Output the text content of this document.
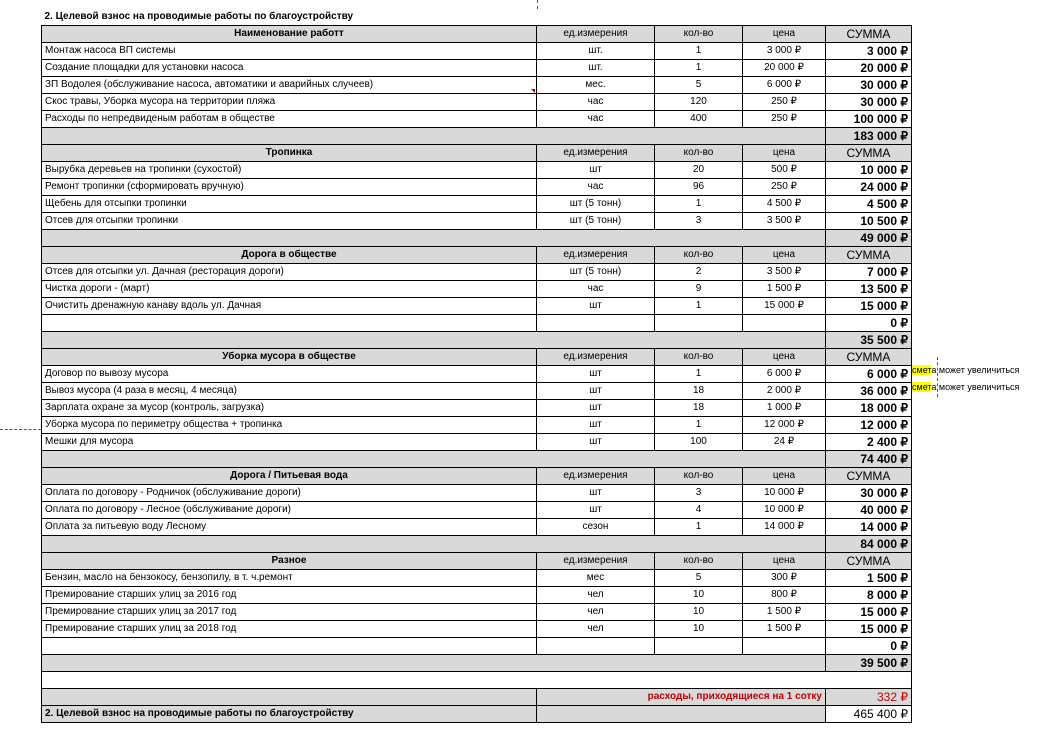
2. Целевой взнос на проводимые работы по благоустройству				
Наименование работт	ед.измерения	кол-во	цена	СУММА
Монтаж насоса ВП системы	шт.	1	3 000 ₽	3 000 ₽
Создание площадки для установки насоса	шт.	1	20 000 ₽	20 000 ₽
ЗП Водолея (обслуживание насоса, автоматики и аварийных случеев)	мес.	5	6 000 ₽	30 000 ₽
Скос травы, Уборка мусора на территории пляжа	час	120	250 ₽	30 000 ₽
Расходы по непредвиденым работам в обществе	час	400	250 ₽	100 000 ₽
				183 000 ₽
Тропинка	ед.измерения	кол-во	цена	СУММА
Вырубка деревьев на тропинки (сухостой)	шт	20	500 ₽	10 000 ₽
Ремонт тропинки (сформировать вручную)	час	96	250 ₽	24 000 ₽
Щебень для отсыпки тропинки	шт (5 тонн)	1	4 500 ₽	4 500 ₽
Отсев для отсыпки тропинки	шт (5 тонн)	3	3 500 ₽	10 500 ₽
				49 000 ₽
Дорога в обществе	ед.измерения	кол-во	цена	СУММА
Отсев для отсыпки ул. Дачная (ресторация дороги)	шт (5 тонн)	2	3 500 ₽	7 000 ₽
Чистка дороги - (март)	час	9	1 500 ₽	13 500 ₽
Очистить дренажную канаву вдоль ул. Дачная	шт	1	15 000 ₽	15 000 ₽
				0 ₽
				35 500 ₽
Уборка мусора в обществе	ед.измерения	кол-во	цена	СУММА
Договор по вывозу мусора	шт	1	6 000 ₽	6 000 ₽
Вывоз мусора (4 раза в месяц, 4 месяца)	шт	18	2 000 ₽	36 000 ₽
Зарплата охране за мусор (контроль, загрузка)	шт	18	1 000 ₽	18 000 ₽
Уборка мусора по периметру общества + тропинка	шт	1	12 000 ₽	12 000 ₽
Мешки для мусора	шт	100	24 ₽	2 400 ₽
				74 400 ₽
Дорога / Питьевая вода	ед.измерения	кол-во	цена	СУММА
Оплата по договору - Родничок (обслуживание дороги)	шт	3	10 000 ₽	30 000 ₽
Оплата по договору - Лесное (обслуживание дороги)	шт	4	10 000 ₽	40 000 ₽
Оплата за питьевую воду Лесному	сезон	1	14 000 ₽	14 000 ₽
				84 000 ₽
Разное	ед.измерения	кол-во	цена	СУММА
Бензин, масло на бензокосу, бензопилу, в т. ч.ремонт	мес	5	300 ₽	1 500 ₽
Премирование старших улиц за 2016 год	чел	10	800 ₽	8 000 ₽
Премирование старших улиц за 2017 год	чел	10	1 500 ₽	15 000 ₽
Премирование старших улиц за 2018 год	чел	10	1 500 ₽	15 000 ₽
				0 ₽
				39 500 ₽

	расходы, приходящиеся на 1 сотку			332 ₽
2. Целевой взнос на проводимые работы по благоустройству				465 400 ₽
смета может увеличиться
смета может увеличиться
